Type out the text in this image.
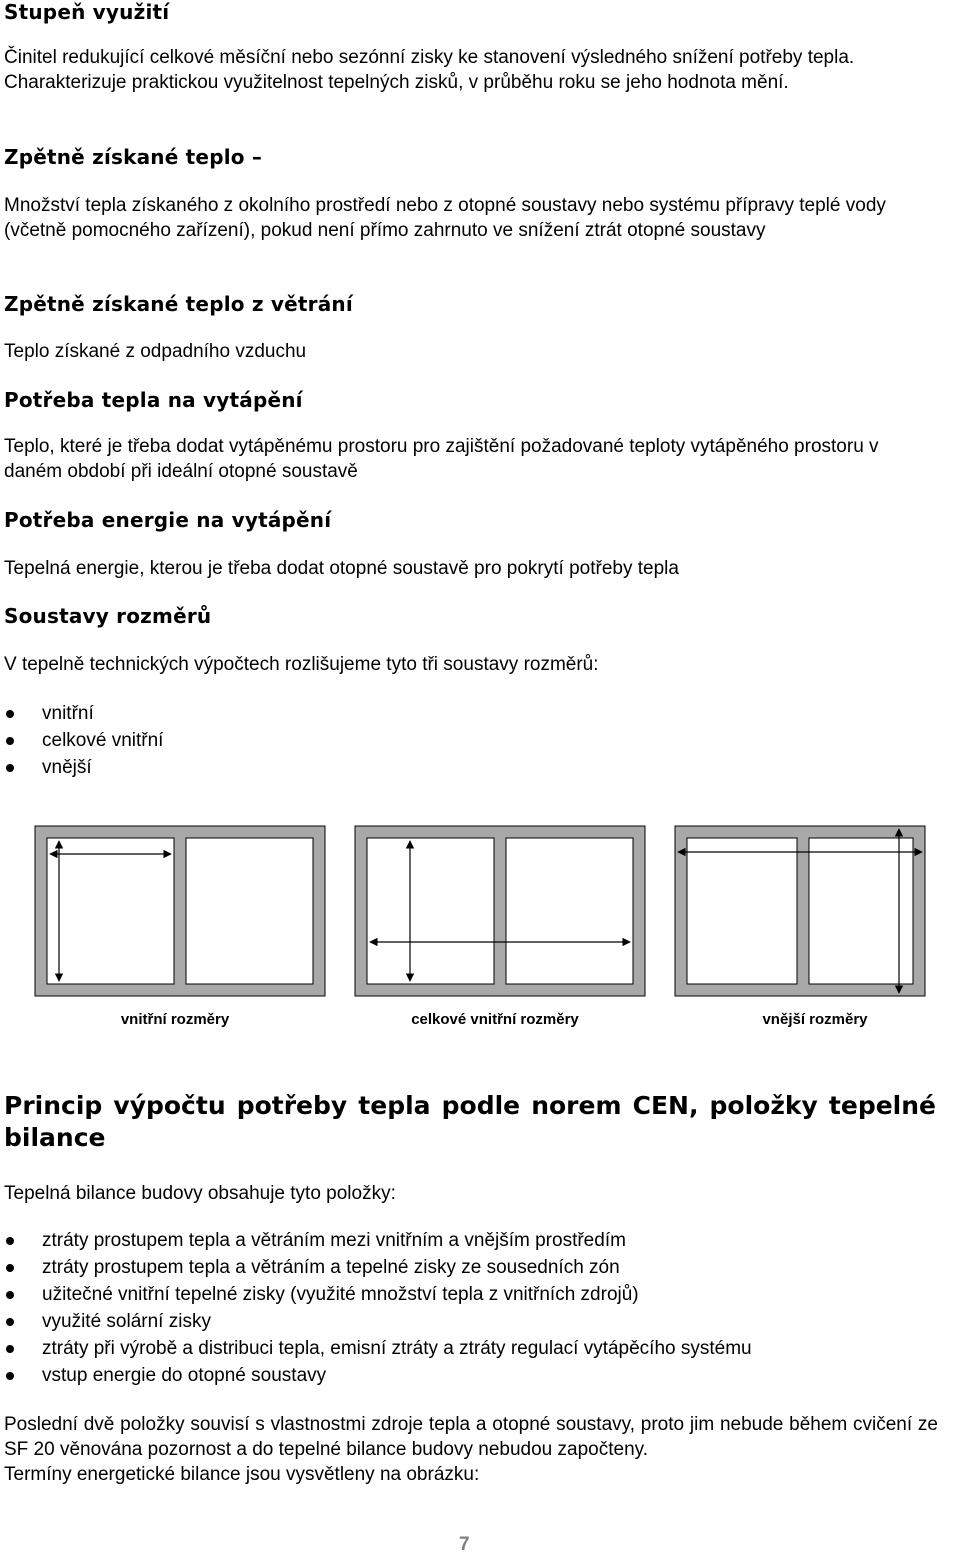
Stupeň využití
Činitel redukující celkové měsíční nebo sezónní zisky ke stanovení výsledného snížení potřeby tepla. Charakterizuje praktickou využitelnost tepelných zisků, v průběhu roku se jeho hodnota mění.
Zpětně získané teplo –
Množství tepla získaného z okolního prostředí nebo z otopné soustavy nebo systému přípravy teplé vody (včetně pomocného zařízení), pokud není přímo zahrnuto ve snížení ztrát otopné soustavy
Zpětně získané teplo z větrání
Teplo získané z odpadního vzduchu
Potřeba tepla na vytápění
Teplo, které je třeba dodat vytápěnému prostoru pro zajištění požadované teploty vytápěného prostoru v daném období při ideální otopné soustavě
Potřeba energie na vytápění
Tepelná energie, kterou je třeba dodat otopné soustavě pro pokrytí potřeby tepla
Soustavy rozměrů
V tepelně technických výpočtech rozlišujeme tyto tři soustavy rozměrů:
vnitřní
celkové vnitřní
vnější
vnitřní rozměry	celkové vnitřní rozměry	vnější rozměry
Princip výpočtu potřeby tepla podle norem CEN, položky tepelné bilance
Tepelná bilance budovy obsahuje tyto položky:
ztráty prostupem tepla a větráním mezi vnitřním a vnějším prostředím
ztráty prostupem tepla a větráním a tepelné zisky ze sousedních zón
užitečné vnitřní tepelné zisky (využité množství tepla z vnitřních zdrojů)
využité solární zisky
ztráty při výrobě a distribuci tepla, emisní ztráty a ztráty regulací vytápěcího systému
vstup energie do otopné soustavy
Poslední dvě položky souvisí s vlastnostmi zdroje tepla a otopné soustavy, proto jim nebude během cvičení ze SF 20 věnována pozornost a do tepelné bilance budovy nebudou započteny.
Termíny energetické bilance jsou vysvětleny na obrázku:
7
